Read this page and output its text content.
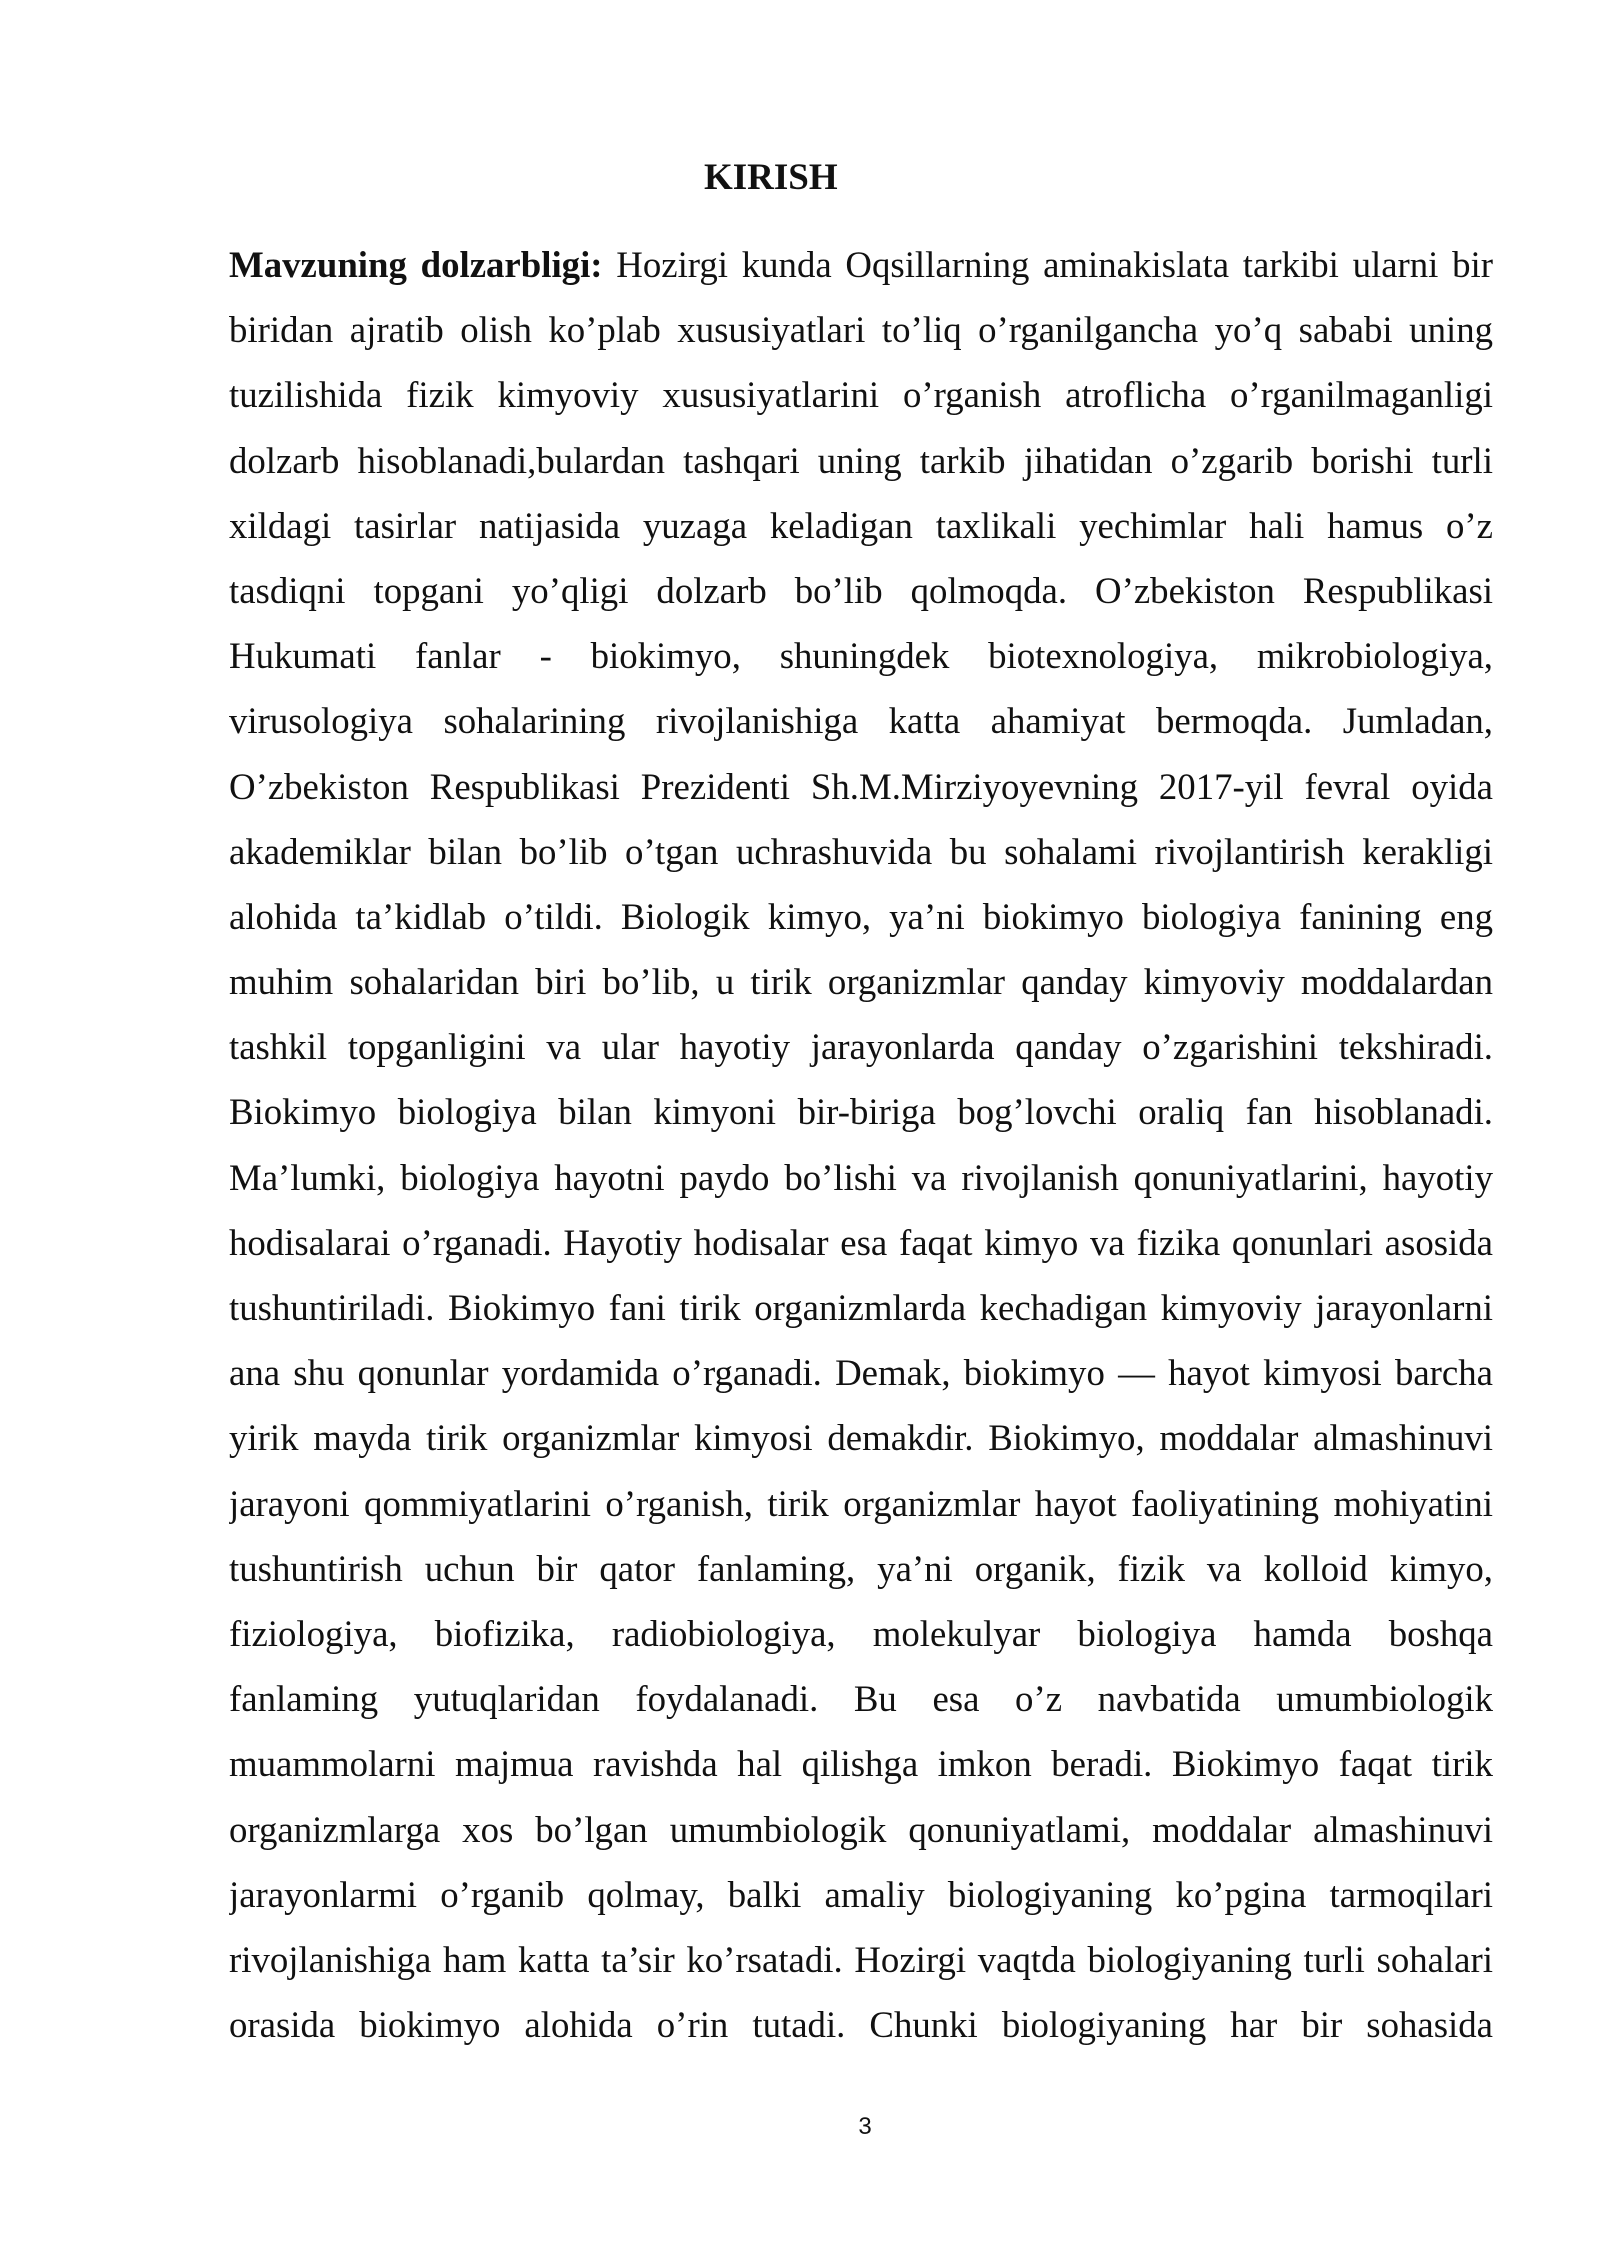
KIRISH
Mavzuning dolzarbligi: Hozirgi kunda Oqsillarning aminakislata tarkibi ularni bir
biridan ajratib olish ko’plab xususiyatlari to’liq o’rganilgancha yo’q sababi uning
tuzilishida fizik kimyoviy xususiyatlarini o’rganish atroflicha o’rganilmaganligi
dolzarb hisoblanadi,bulardan tashqari uning tarkib jihatidan o’zgarib borishi turli
xildagi tasirlar natijasida yuzaga keladigan taxlikali yechimlar hali hamus o’z
tasdiqni topgani yo’qligi dolzarb bo’lib qolmoqda. O’zbekiston Respublikasi
Hukumati fanlar - biokimyo, shuningdek biotexnologiya, mikrobiologiya,
virusologiya sohalarining rivojlanishiga katta ahamiyat bermoqda. Jumladan,
O’zbekiston Respublikasi Prezidenti Sh.M.Mirziyoyevning 2017-yil fevral oyida
akademiklar bilan bo’lib o’tgan uchrashuvida bu sohalami rivojlantirish kerakligi
alohida ta’kidlab o’tildi. Biologik kimyo, ya’ni biokimyo biologiya fanining eng
muhim sohalaridan biri bo’lib, u tirik organizmlar qanday kimyoviy moddalardan
tashkil topganligini va ular hayotiy jarayonlarda qanday o’zgarishini tekshiradi.
Biokimyo biologiya bilan kimyoni bir-biriga bog’lovchi oraliq fan hisoblanadi.
Ma’lumki, biologiya hayotni paydo bo’lishi va rivojlanish qonuniyatlarini, hayotiy
hodisalarai o’rganadi. Hayotiy hodisalar esa faqat kimyo va fizika qonunlari asosida
tushuntiriladi. Biokimyo fani tirik organizmlarda kechadigan kimyoviy jarayonlarni
ana shu qonunlar yordamida o’rganadi. Demak, biokimyo — hayot kimyosi barcha
yirik mayda tirik organizmlar kimyosi demakdir. Biokimyo, moddalar almashinuvi
jarayoni qommiyatlarini o’rganish, tirik organizmlar hayot faoliyatining mohiyatini
tushuntirish uchun bir qator fanlaming, ya’ni organik, fizik va kolloid kimyo,
fiziologiya, biofizika, radiobiologiya, molekulyar biologiya hamda boshqa
fanlaming yutuqlaridan foydalanadi. Bu esa o’z navbatida umumbiologik
muammolarni majmua ravishda hal qilishga imkon beradi. Biokimyo faqat tirik
organizmlarga xos bo’lgan umumbiologik qonuniyatlami, moddalar almashinuvi
jarayonlarmi o’rganib qolmay, balki amaliy biologiyaning ko’pgina tarmoqilari
rivojlanishiga ham katta ta’sir ko’rsatadi. Hozirgi vaqtda biologiyaning turli sohalari
orasida biokimyo alohida o’rin tutadi. Chunki biologiyaning har bir sohasida
3
